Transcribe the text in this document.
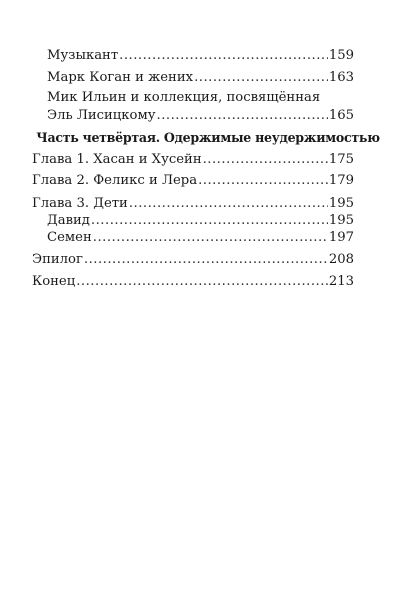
Музыкант .....	159
Марк Коган и жених .....	163
Мик Ильин и коллекция, посвящённая
Эль Лисицкому .....	165
Часть четвёртая. Одержимые неудержимостью
Глава 1. Хасан и Хусейн .....	175
Глава 2. Феликс и Лера .....	179
Глава 3. Дети .....	195
Давид .....	195
Семен .....	197
Эпилог .....	208
Конец .....	213
